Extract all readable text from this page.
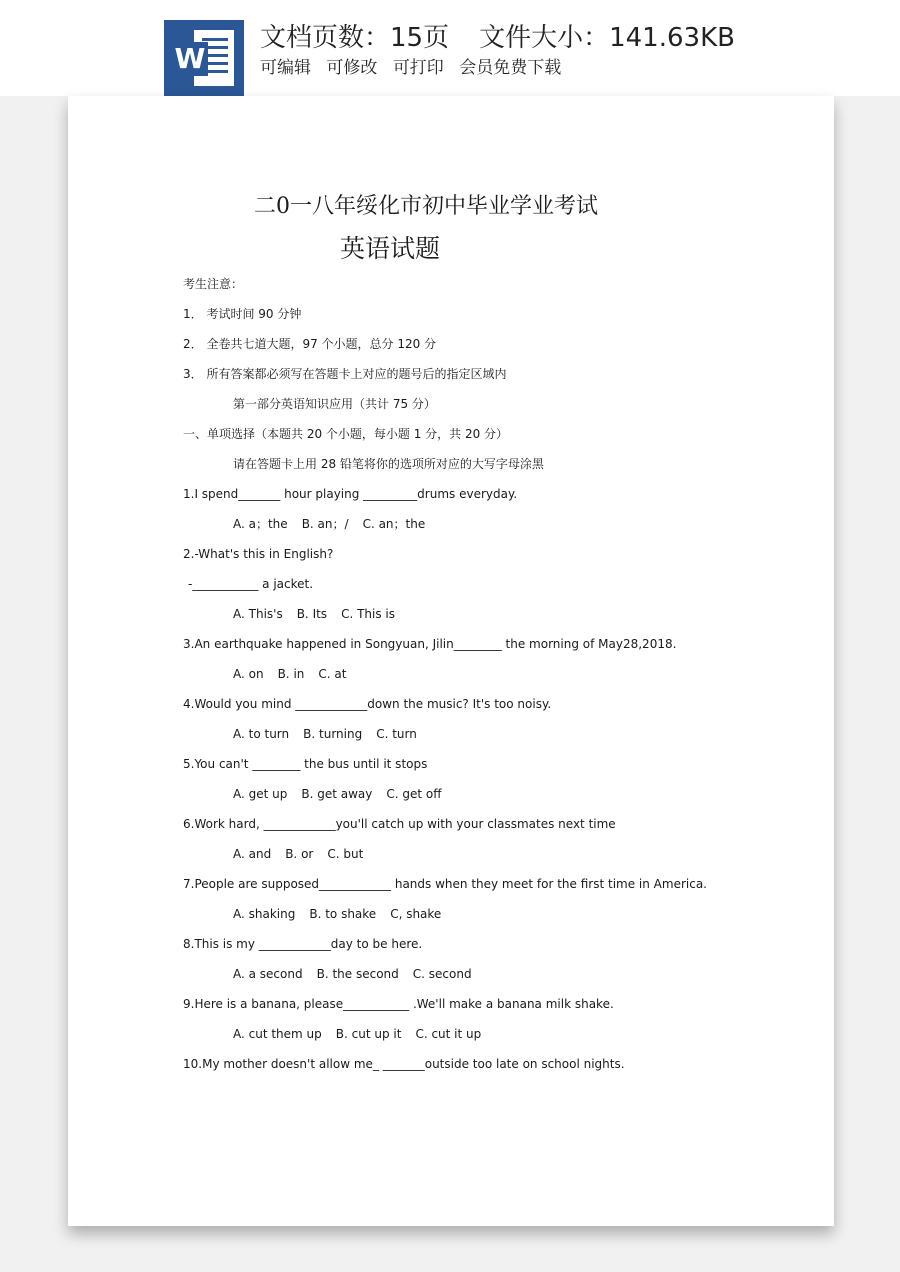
W
文档页数：15页 文件大小：141.63KB
可编辑 可修改 可打印 会员免费下载
二0一八年绥化市初中毕业学业考试
英语试题
考生注意：
1． 考试时间 90 分钟
2． 全卷共七道大题，97 个小题，总分 120 分
3． 所有答案都必须写在答题卡上对应的题号后的指定区域内
第一部分英语知识应用（共计 75 分）
一、单项选择（本题共 20 个小题，每小题 1 分，共 20 分）
请在答题卡上用 28 铅笔将你的选项所对应的大写字母涂黑
1.I spend_______ hour playing _________drums everyday.
A. a；the B. an；/ C. an；the
2.-What's this in English?
-___________ a jacket.
A. This's B. Its C. This is
3.An earthquake happened in Songyuan, Jilin________ the morning of May28,2018.
A. on B. in C. at
4.Would you mind ____________down the music? It's too noisy.
A. to turn B. turning C. turn
5.You can't ________ the bus until it stops
A. get up B. get away C. get off
6.Work hard, ____________you'll catch up with your classmates next time
A. and B. or C. but
7.People are supposed____________ hands when they meet for the first time in America.
A. shaking B. to shake C, shake
8.This is my ____________day to be here.
A. a second B. the second C. second
9.Here is a banana, please___________ .We'll make a banana milk shake.
A. cut them up B. cut up it C. cut it up
10.My mother doesn't allow me_ _______outside too late on school nights.
